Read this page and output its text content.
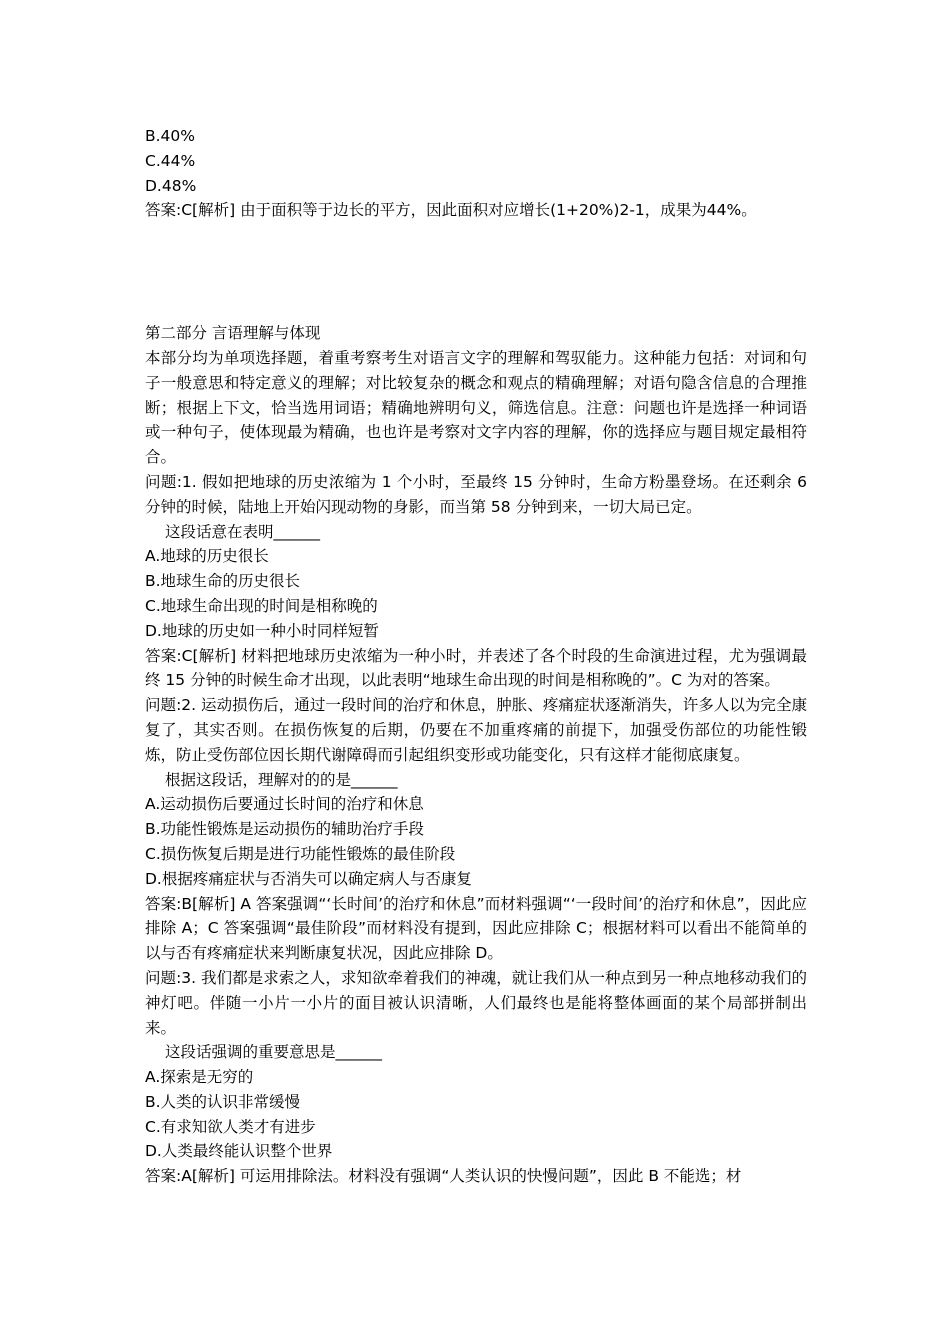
B.40%
C.44%
D.48%
答案:C[解析] 由于面积等于边长的平方，因此面积对应增长(1+20%)2-1，成果为44%。
第二部分 言语理解与体现
本部分均为单项选择题，着重考察考生对语言文字的理解和驾驭能力。这种能力包括：对词和句子一般意思和特定意义的理解；对比较复杂的概念和观点的精确理解；对语句隐含信息的合理推断；根据上下文，恰当选用词语；精确地辨明句义，筛选信息。注意：问题也许是选择一种词语或一种句子，使体现最为精确，也也许是考察对文字内容的理解，你的选择应与题目规定最相符合。
问题:1. 假如把地球的历史浓缩为 1 个小时，至最终 15 分钟时，生命方粉墨登场。在还剩余 6 分钟的时候，陆地上开始闪现动物的身影，而当第 58 分钟到来，一切大局已定。
这段话意在表明______
A.地球的历史很长
B.地球生命的历史很长
C.地球生命出现的时间是相称晚的
D.地球的历史如一种小时同样短暂
答案:C[解析] 材料把地球历史浓缩为一种小时，并表述了各个时段的生命演进过程，尤为强调最终 15 分钟的时候生命才出现，以此表明“地球生命出现的时间是相称晚的”。C 为对的答案。
问题:2. 运动损伤后，通过一段时间的治疗和休息，肿胀、疼痛症状逐渐消失，许多人以为完全康复了，其实否则。在损伤恢复的后期，仍要在不加重疼痛的前提下，加强受伤部位的功能性锻炼，防止受伤部位因长期代谢障碍而引起组织变形或功能变化，只有这样才能彻底康复。
根据这段话，理解对的的是______
A.运动损伤后要通过长时间的治疗和休息
B.功能性锻炼是运动损伤的辅助治疗手段
C.损伤恢复后期是进行功能性锻炼的最佳阶段
D.根据疼痛症状与否消失可以确定病人与否康复
答案:B[解析] A 答案强调“‘长时间’的治疗和休息”而材料强调“‘一段时间’的治疗和休息”，因此应排除 A；C 答案强调“最佳阶段”而材料没有提到，因此应排除 C；根据材料可以看出不能简单的以与否有疼痛症状来判断康复状况，因此应排除 D。
问题:3. 我们都是求索之人，求知欲牵着我们的神魂，就让我们从一种点到另一种点地移动我们的神灯吧。伴随一小片一小片的面目被认识清晰，人们最终也是能将整体画面的某个局部拼制出来。
这段话强调的重要意思是______
A.探索是无穷的
B.人类的认识非常缓慢
C.有求知欲人类才有进步
D.人类最终能认识整个世界
答案:A[解析] 可运用排除法。材料没有强调“人类认识的快慢问题”，因此 B 不能选；材
